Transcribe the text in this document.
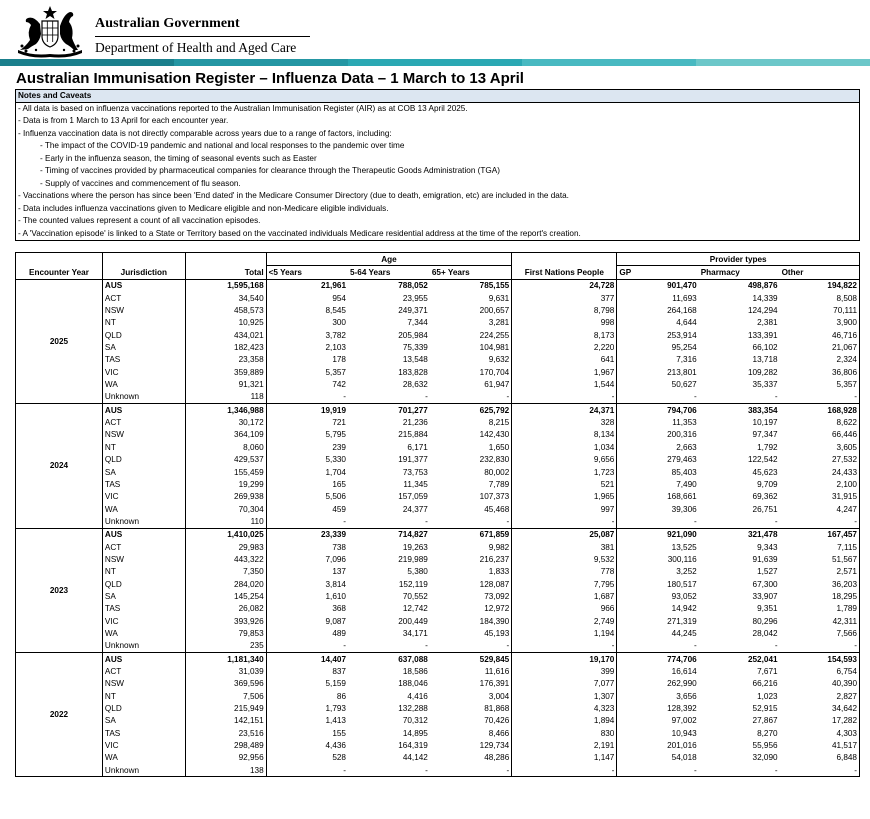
Australian Government
Department of Health and Aged Care
Australian Immunisation Register – Influenza Data – 1 March to 13 April
Notes and Caveats
- All data is based on influenza vaccinations reported to the Australian Immunisation Register (AIR) as at COB 13 April 2025.
- Data is from 1 March to 13 April for each encounter year.
- Influenza vaccination data is not directly comparable across years due to a range of factors, including:
- The impact of the COVID-19 pandemic and national and local responses to the pandemic over time
- Early in the influenza season, the timing of seasonal events such as Easter
- Timing of vaccines provided by pharmaceutical companies for clearance through the Therapeutic Goods Administration (TGA)
- Supply of vaccines and commencement of flu season.
- Vaccinations where the person has since been 'End dated' in the Medicare Consumer Directory (due to death, emigration, etc) are included in the data.
- Data includes influenza vaccinations given to Medicare eligible and non-Medicare eligible individuals.
- The counted values represent a count of all vaccination episodes.
- A 'Vaccination episode' is linked to a State or Territory based on the vaccinated individuals Medicare residential address at the time of the report's creation.
			Age				Provider types		
Encounter Year	Jurisdiction	Total	<5 Years	5-64 Years	65+ Years	First Nations People	GP	Pharmacy	Other
2025	AUS	1,595,168	21,961	788,052	785,155	24,728	901,470	498,876	194,822
	ACT	34,540	954	23,955	9,631	377	11,693	14,339	8,508
	NSW	458,573	8,545	249,371	200,657	8,798	264,168	124,294	70,111
	NT	10,925	300	7,344	3,281	998	4,644	2,381	3,900
	QLD	434,021	3,782	205,984	224,255	8,173	253,914	133,391	46,716
	SA	182,423	2,103	75,339	104,981	2,220	95,254	66,102	21,067
	TAS	23,358	178	13,548	9,632	641	7,316	13,718	2,324
	VIC	359,889	5,357	183,828	170,704	1,967	213,801	109,282	36,806
	WA	91,321	742	28,632	61,947	1,544	50,627	35,337	5,357
	Unknown	118	-	-	-	-	-	-	-
2024	AUS	1,346,988	19,919	701,277	625,792	24,371	794,706	383,354	168,928
	ACT	30,172	721	21,236	8,215	328	11,353	10,197	8,622
	NSW	364,109	5,795	215,884	142,430	8,134	200,316	97,347	66,446
	NT	8,060	239	6,171	1,650	1,034	2,663	1,792	3,605
	QLD	429,537	5,330	191,377	232,830	9,656	279,463	122,542	27,532
	SA	155,459	1,704	73,753	80,002	1,723	85,403	45,623	24,433
	TAS	19,299	165	11,345	7,789	521	7,490	9,709	2,100
	VIC	269,938	5,506	157,059	107,373	1,965	168,661	69,362	31,915
	WA	70,304	459	24,377	45,468	997	39,306	26,751	4,247
	Unknown	110	-	-	-	-	-	-	-
2023	AUS	1,410,025	23,339	714,827	671,859	25,087	921,090	321,478	167,457
	ACT	29,983	738	19,263	9,982	381	13,525	9,343	7,115
	NSW	443,322	7,096	219,989	216,237	9,532	300,116	91,639	51,567
	NT	7,350	137	5,380	1,833	778	3,252	1,527	2,571
	QLD	284,020	3,814	152,119	128,087	7,795	180,517	67,300	36,203
	SA	145,254	1,610	70,552	73,092	1,687	93,052	33,907	18,295
	TAS	26,082	368	12,742	12,972	966	14,942	9,351	1,789
	VIC	393,926	9,087	200,449	184,390	2,749	271,319	80,296	42,311
	WA	79,853	489	34,171	45,193	1,194	44,245	28,042	7,566
	Unknown	235	-	-	-	-	-	-	-
2022	AUS	1,181,340	14,407	637,088	529,845	19,170	774,706	252,041	154,593
	ACT	31,039	837	18,586	11,616	399	16,614	7,671	6,754
	NSW	369,596	5,159	188,046	176,391	7,077	262,990	66,216	40,390
	NT	7,506	86	4,416	3,004	1,307	3,656	1,023	2,827
	QLD	215,949	1,793	132,288	81,868	4,323	128,392	52,915	34,642
	SA	142,151	1,413	70,312	70,426	1,894	97,002	27,867	17,282
	TAS	23,516	155	14,895	8,466	830	10,943	8,270	4,303
	VIC	298,489	4,436	164,319	129,734	2,191	201,016	55,956	41,517
	WA	92,956	528	44,142	48,286	1,147	54,018	32,090	6,848
	Unknown	138	-	-	-	-	-	-	-
